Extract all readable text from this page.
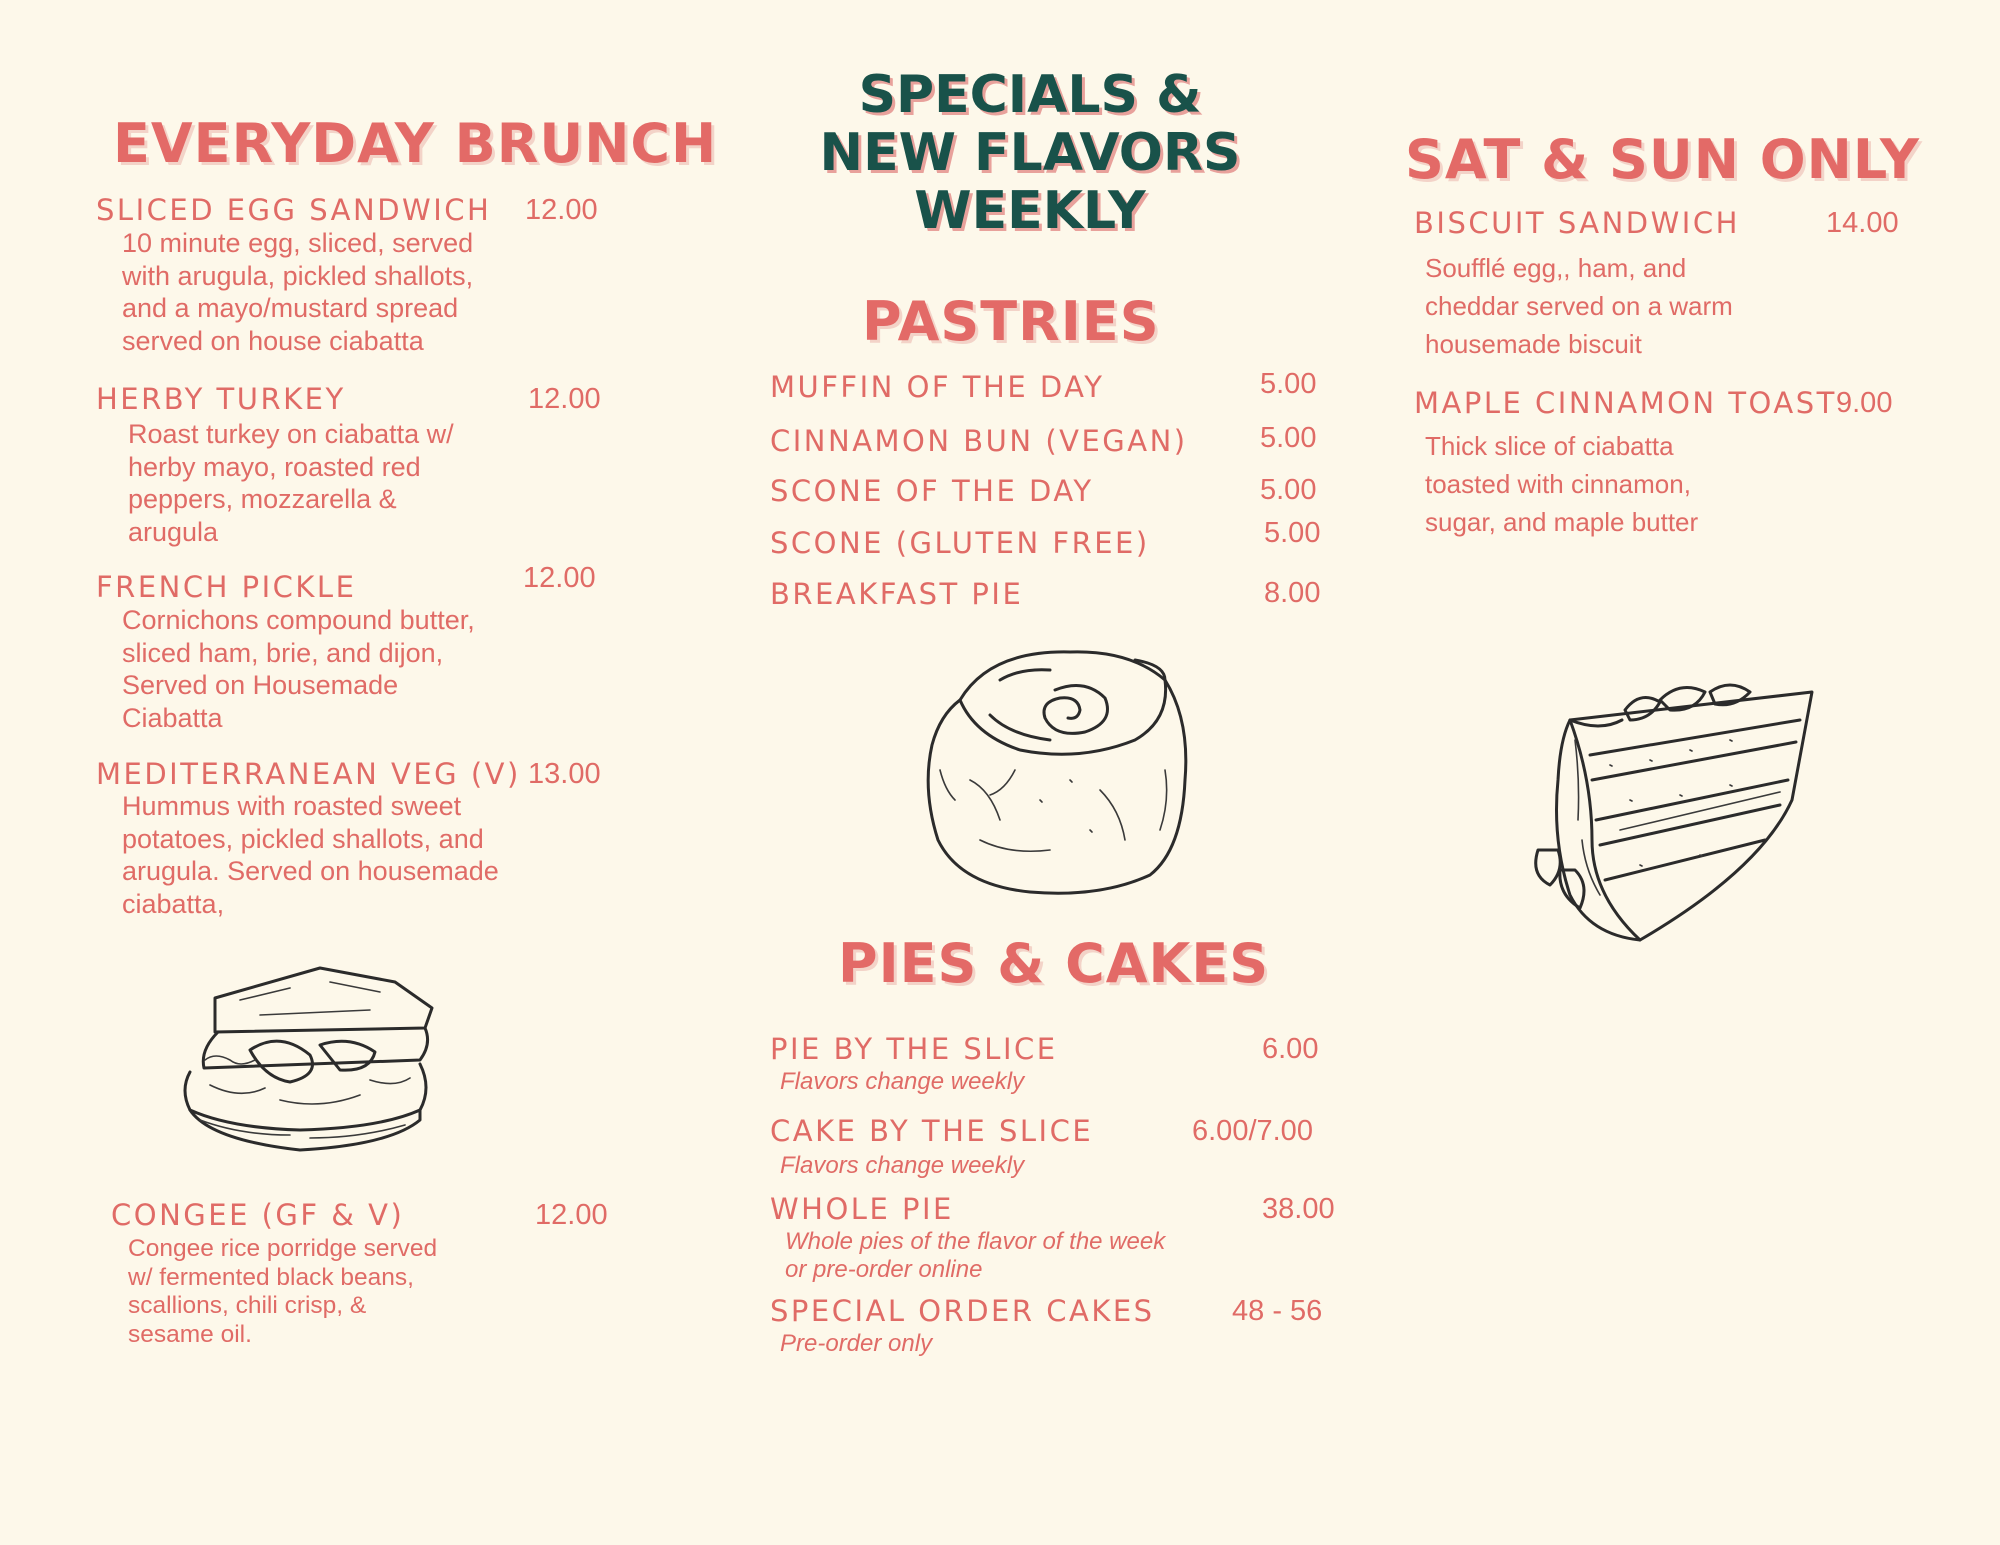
EVERYDAY BRUNCH
SLICED EGG SANDWICH 12.00
10 minute egg, sliced, served
with arugula, pickled shallots,
and a mayo/mustard spread
served on house ciabatta
HERBY TURKEY	12.00
Roast turkey on ciabatta w/
herby mayo, roasted red
peppers, mozzarella &
arugula
FRENCH PICKLE	12.00
Cornichons compound butter,
sliced ham, brie, and dijon,
Served on Housemade
Ciabatta
MEDITERRANEAN VEG (V) 13.00
Hummus with roasted sweet
potatoes, pickled shallots, and
arugula. Served on housemade
ciabatta,
CONGEE (GF & V)	12.00
Congee rice porridge served
w/ fermented black beans,
scallions, chili crisp, &
sesame oil.
SPECIALS &
NEW FLAVORS
WEEKLY
PASTRIES
MUFFIN OF THE DAY	5.00
CINNAMON BUN (VEGAN) 5.00
SCONE OF THE DAY	5.00
SCONE (GLUTEN FREE)	5.00
BREAKFAST PIE	8.00
PIES & CAKES
PIE BY THE SLICE	6.00
Flavors change weekly
CAKE BY THE SLICE	6.00/7.00
Flavors change weekly
WHOLE PIE	38.00
Whole pies of the flavor of the week
or pre-order online
SPECIAL ORDER CAKES	48 - 56
Pre-order only
SAT & SUN ONLY
BISCUIT SANDWICH	14.00
Soufflé egg,, ham, and
cheddar served on a warm
housemade biscuit
MAPLE CINNAMON TOAST 9.00
Thick slice of ciabatta
toasted with cinnamon,
sugar, and maple butter
